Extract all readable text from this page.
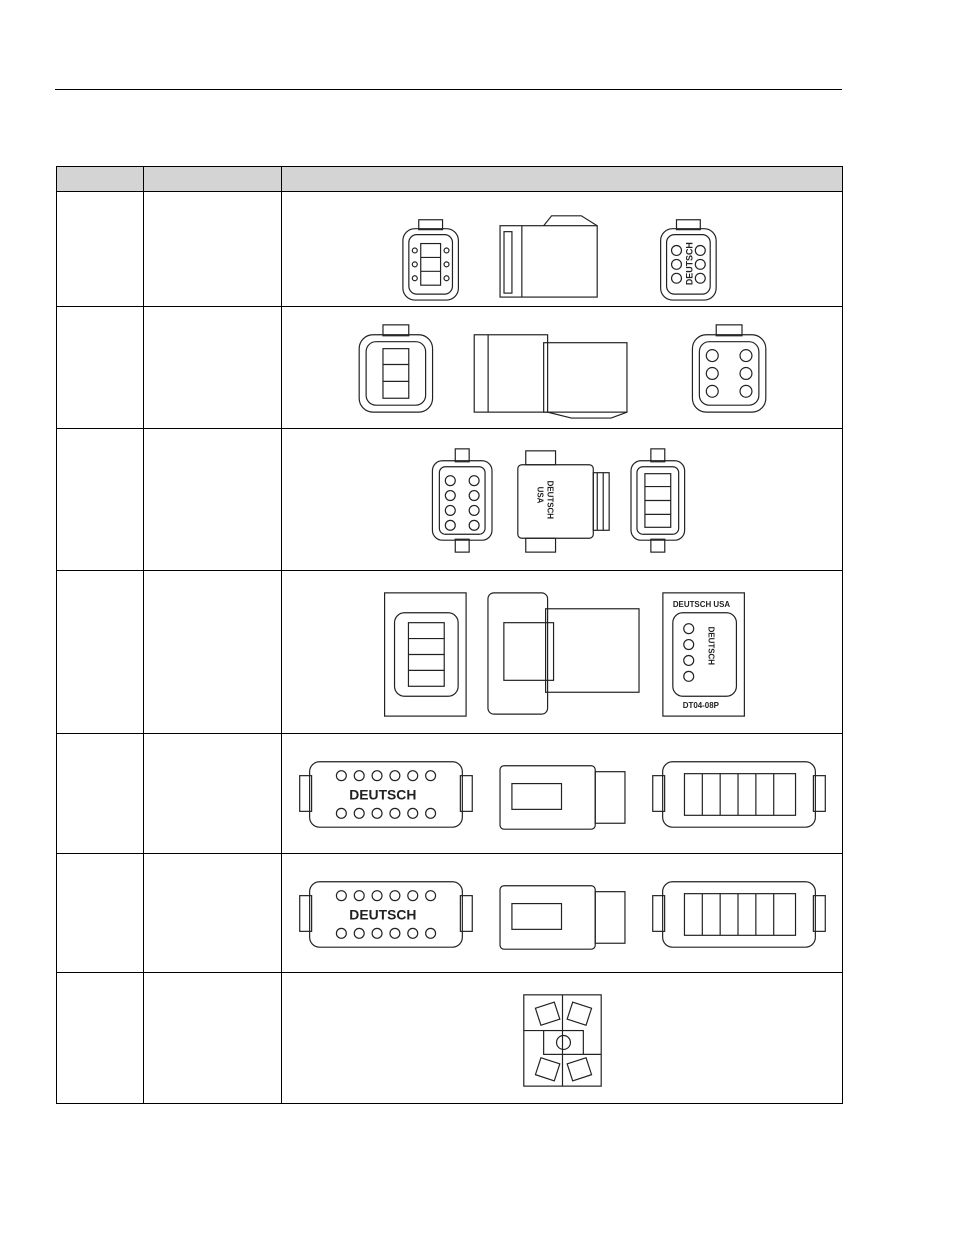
DEUTSCH

DEUTSCH
USA

DEUTSCH USA
DEUTSCH
DT04-08P

DEUTSCH

DEUTSCH
